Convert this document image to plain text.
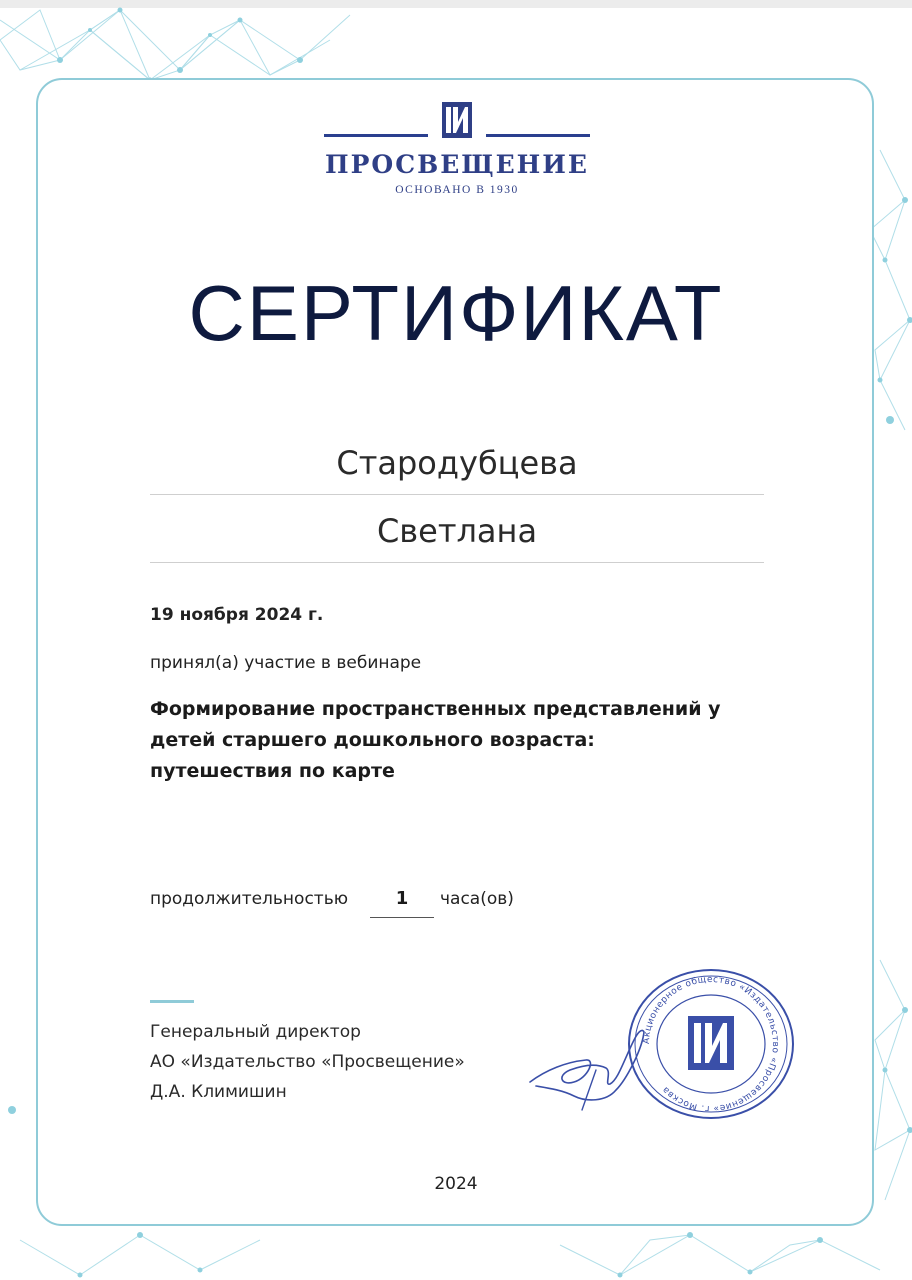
ПРОСВЕЩЕНИЕ
ОСНОВАНО В 1930
СЕРТИФИКАТ
Стародубцева
Светлана
19 ноября 2024 г.
принял(а) участие в вебинаре
Формирование пространственных представлений у
детей старшего дошкольного возраста:
путешествия по карте
продолжительностью	1	часа(ов)
Генеральный директор
АО «Издательство «Просвещение»
Д.А. Климишин
Акционерное общество «Издательство «Просвещение» г. Москва
2024
